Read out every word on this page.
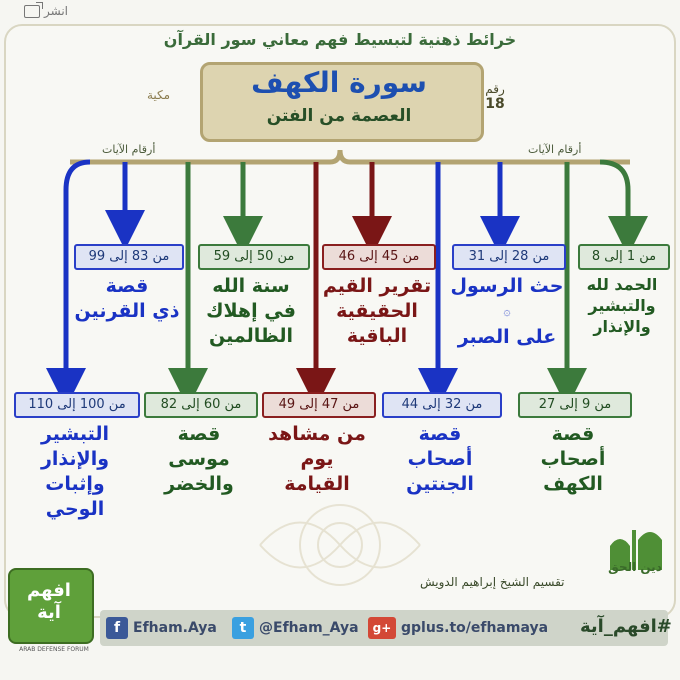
انشر
خرائط ذهنية لتبسيط فهم معاني سور القرآن
سورة الكهف
العصمة من الفتن
مكية	رقم
18
أرقام الآيات	أرقام الآيات
من 1 إلى 8
الحمد لله
والتبشير
والإنذار
من 28 إلى 31
حث الرسول
۞
على الصبر
من 45 إلى 46
تقرير القيم
الحقيقية
الباقية
من 50 إلى 59
سنة الله
في إهلاك
الظالمين
من 83 إلى 99
قصة
ذي القرنين
من 9 إلى 27
قصة
أصحاب
الكهف
من 32 إلى 44
قصة
أصحاب
الجنتين
من 47 إلى 49
من مشاهد
يوم
القيامة
من 60 إلى 82
قصة
موسى
والخضر
من 100 إلى 110
التبشير
والإنذار
وإثبات
الوحي
تقسيم الشيخ إبراهيم الدويش
دين الحق
افهم
آية
ARAB DEFENSE FORUM
f Efham.Aya	t @Efham_Aya	g+ gplus.to/efhamaya #افهم_آية
